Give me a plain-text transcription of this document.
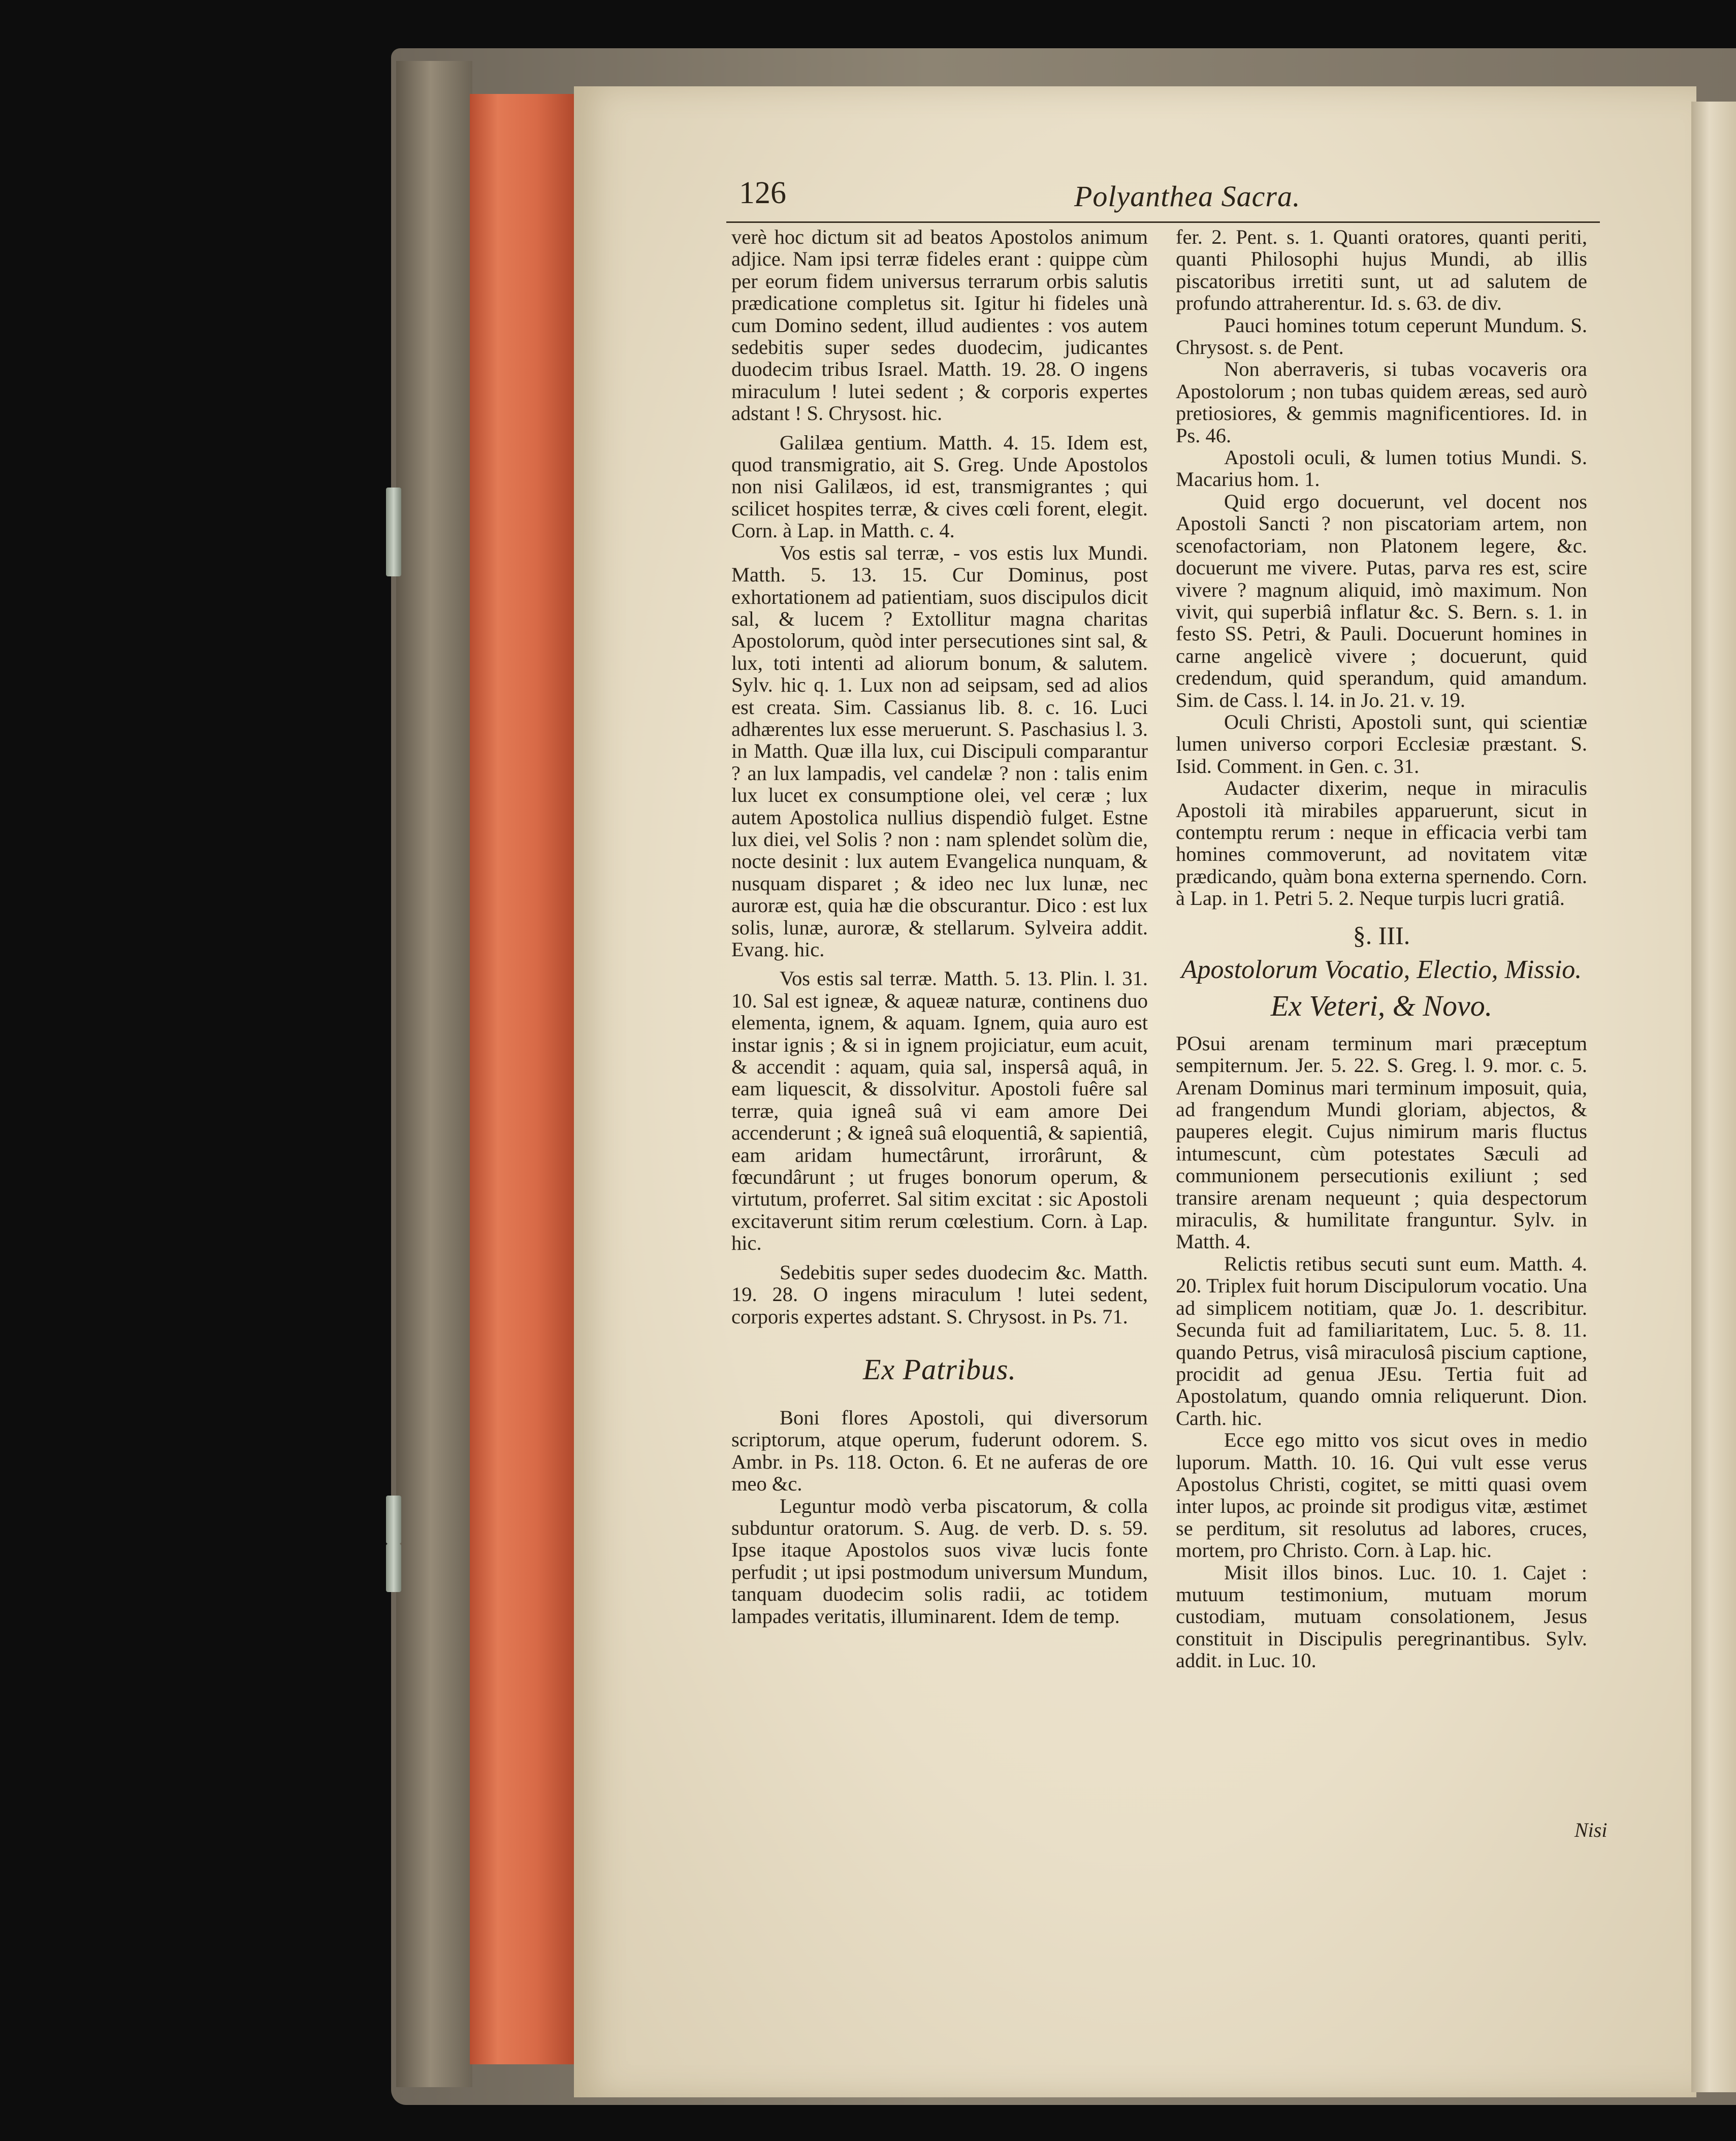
126	Polyanthea Sacra.

verè hoc dictum sit ad beatos Apostolos animum adjice. Nam ipsi terræ fideles erant : quippe cùm per eorum fidem universus terrarum orbis salutis prædicatione completus sit. Igitur hi fideles unà cum Domino sedent, illud audientes : vos autem sedebitis super sedes duodecim, judicantes duodecim tribus Israel. Matth. 19. 28. O ingens miraculum ! lutei sedent ; & corporis expertes adstant ! S. Chrysost. hic.

Galilæa gentium. Matth. 4. 15. Idem est, quod transmigratio, ait S. Greg. Unde Apostolos non nisi Galilæos, id est, transmigrantes ; qui scilicet hospites terræ, & cives cœli forent, elegit. Corn. à Lap. in Matth. c. 4.

Vos estis sal terræ, - vos estis lux Mundi. Matth. 5. 13. 15. Cur Dominus, post exhortationem ad patientiam, suos discipulos dicit sal, & lucem ? Extollitur magna charitas Apostolorum, quòd inter persecutiones sint sal, & lux, toti intenti ad aliorum bonum, & salutem. Sylv. hic q. 1. Lux non ad seipsam, sed ad alios est creata. Sim. Cassianus lib. 8. c. 16. Luci adhærentes lux esse meruerunt. S. Paschasius l. 3. in Matth. Quæ illa lux, cui Discipuli comparantur ? an lux lampadis, vel candelæ ? non : talis enim lux lucet ex consumptione olei, vel ceræ ; lux autem Apostolica nullius dispendiò fulget. Estne lux diei, vel Solis ? non : nam splendet solùm die, nocte desinit : lux autem Evangelica nunquam, & nusquam disparet ; & ideo nec lux lunæ, nec auroræ est, quia hæ die obscurantur. Dico : est lux solis, lunæ, auroræ, & stellarum. Sylveira addit. Evang. hic.

Vos estis sal terræ. Matth. 5. 13. Plin. l. 31. 10. Sal est igneæ, & aqueæ naturæ, continens duo elementa, ignem, & aquam. Ignem, quia auro est instar ignis ; & si in ignem projiciatur, eum acuit, & accendit : aquam, quia sal, inspersâ aquâ, in eam liquescit, & dissolvitur. Apostoli fuêre sal terræ, quia igneâ suâ vi eam amore Dei accenderunt ; & igneâ suâ eloquentiâ, & sapientiâ, eam aridam humectârunt, irrorârunt, & fœcundârunt ; ut fruges bonorum operum, & virtutum, proferret. Sal sitim excitat : sic Apostoli excitaverunt sitim rerum cœlestium. Corn. à Lap. hic.

Sedebitis super sedes duodecim &c. Matth. 19. 28. O ingens miraculum ! lutei sedent, corporis expertes adstant. S. Chrysost. in Ps. 71.

Ex Patribus.

Boni flores Apostoli, qui diversorum scriptorum, atque operum, fuderunt odorem. S. Ambr. in Ps. 118. Octon. 6. Et ne auferas de ore meo &c.

Leguntur modò verba piscatorum, & colla subduntur oratorum. S. Aug. de verb. D. s. 59. Ipse itaque Apostolos suos vivæ lucis fonte perfudit ; ut ipsi postmodum universum Mundum, tanquam duodecim solis radii, ac totidem lampades veritatis, illuminarent. Idem de temp.

fer. 2. Pent. s. 1. Quanti oratores, quanti periti, quanti Philosophi hujus Mundi, ab illis piscatoribus irretiti sunt, ut ad salutem de profundo attraherentur. Id. s. 63. de div.

Pauci homines totum ceperunt Mundum. S. Chrysost. s. de Pent.

Non aberraveris, si tubas vocaveris ora Apostolorum ; non tubas quidem æreas, sed aurò pretiosiores, & gemmis magnificentiores. Id. in Ps. 46.

Apostoli oculi, & lumen totius Mundi. S. Macarius hom. 1.

Quid ergo docuerunt, vel docent nos Apostoli Sancti ? non piscatoriam artem, non scenofactoriam, non Platonem legere, &c. docuerunt me vivere. Putas, parva res est, scire vivere ? magnum aliquid, imò maximum. Non vivit, qui superbiâ inflatur &c. S. Bern. s. 1. in festo SS. Petri, & Pauli. Docuerunt homines in carne angelicè vivere ; docuerunt, quid credendum, quid sperandum, quid amandum. Sim. de Cass. l. 14. in Jo. 21. v. 19.

Oculi Christi, Apostoli sunt, qui scientiæ lumen universo corpori Ecclesiæ præstant. S. Isid. Comment. in Gen. c. 31.

Audacter dixerim, neque in miraculis Apostoli ità mirabiles apparuerunt, sicut in contemptu rerum : neque in efficacia verbi tam homines commoverunt, ad novitatem vitæ prædicando, quàm bona externa spernendo. Corn. à Lap. in 1. Petri 5. 2. Neque turpis lucri gratiâ.

§. III.
Apostolorum Vocatio, Electio, Missio.
Ex Veteri, & Novo.

POsui arenam terminum mari præceptum sempiternum. Jer. 5. 22. S. Greg. l. 9. mor. c. 5. Arenam Dominus mari terminum imposuit, quia, ad frangendum Mundi gloriam, abjectos, & pauperes elegit. Cujus nimirum maris fluctus intumescunt, cùm potestates Sæculi ad communionem persecutionis exiliunt ; sed transire arenam nequeunt ; quia despectorum miraculis, & humilitate franguntur. Sylv. in Matth. 4.

Relictis retibus secuti sunt eum. Matth. 4. 20. Triplex fuit horum Discipulorum vocatio. Una ad simplicem notitiam, quæ Jo. 1. describitur. Secunda fuit ad familiaritatem, Luc. 5. 8. 11. quando Petrus, visâ miraculosâ piscium captione, procidit ad genua JEsu. Tertia fuit ad Apostolatum, quando omnia reliquerunt. Dion. Carth. hic.

Ecce ego mitto vos sicut oves in medio luporum. Matth. 10. 16. Qui vult esse verus Apostolus Christi, cogitet, se mitti quasi ovem inter lupos, ac proinde sit prodigus vitæ, æstimet se perditum, sit resolutus ad labores, cruces, mortem, pro Christo. Corn. à Lap. hic.

Misit illos binos. Luc. 10. 1. Cajet : mutuum testimonium, mutuam morum custodiam, mutuam consolationem, Jesus constituit in Discipulis peregrinantibus. Sylv. addit. in Luc. 10.

Nisi
